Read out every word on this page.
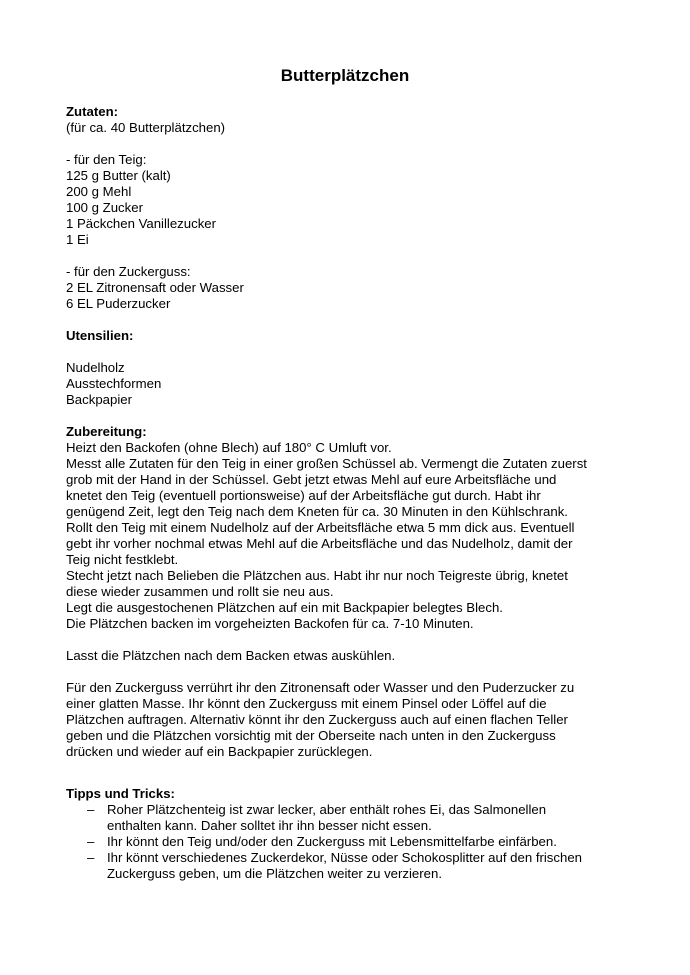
Butterplätzchen
Zutaten:
(für ca. 40 Butterplätzchen)
- für den Teig:
125 g Butter (kalt)
200 g Mehl
100 g Zucker
1 Päckchen Vanillezucker
1 Ei
- für den Zuckerguss:
2 EL Zitronensaft oder Wasser
6 EL Puderzucker
Utensilien:
Nudelholz
Ausstechformen
Backpapier
Zubereitung:
Heizt den Backofen (ohne Blech) auf 180° C Umluft vor.
Messt alle Zutaten für den Teig in einer großen Schüssel ab. Vermengt die Zutaten zuerst
grob mit der Hand in der Schüssel. Gebt jetzt etwas Mehl auf eure Arbeitsfläche und
knetet den Teig (eventuell portionsweise) auf der Arbeitsfläche gut durch. Habt ihr
genügend Zeit, legt den Teig nach dem Kneten für ca. 30 Minuten in den Kühlschrank.
Rollt den Teig mit einem Nudelholz auf der Arbeitsfläche etwa 5 mm dick aus. Eventuell
gebt ihr vorher nochmal etwas Mehl auf die Arbeitsfläche und das Nudelholz, damit der
Teig nicht festklebt.
Stecht jetzt nach Belieben die Plätzchen aus. Habt ihr nur noch Teigreste übrig, knetet
diese wieder zusammen und rollt sie neu aus.
Legt die ausgestochenen Plätzchen auf ein mit Backpapier belegtes Blech.
Die Plätzchen backen im vorgeheizten Backofen für ca. 7-10 Minuten.
Lasst die Plätzchen nach dem Backen etwas auskühlen.
Für den Zuckerguss verrührt ihr den Zitronensaft oder Wasser und den Puderzucker zu
einer glatten Masse. Ihr könnt den Zuckerguss mit einem Pinsel oder Löffel auf die
Plätzchen auftragen. Alternativ könnt ihr den Zuckerguss auch auf einen flachen Teller
geben und die Plätzchen vorsichtig mit der Oberseite nach unten in den Zuckerguss
drücken und wieder auf ein Backpapier zurücklegen.
Tipps und Tricks:
– Roher Plätzchenteig ist zwar lecker, aber enthält rohes Ei, das Salmonellen
enthalten kann. Daher solltet ihr ihn besser nicht essen.
– Ihr könnt den Teig und/oder den Zuckerguss mit Lebensmittelfarbe einfärben.
– Ihr könnt verschiedenes Zuckerdekor, Nüsse oder Schokosplitter auf den frischen
Zuckerguss geben, um die Plätzchen weiter zu verzieren.
